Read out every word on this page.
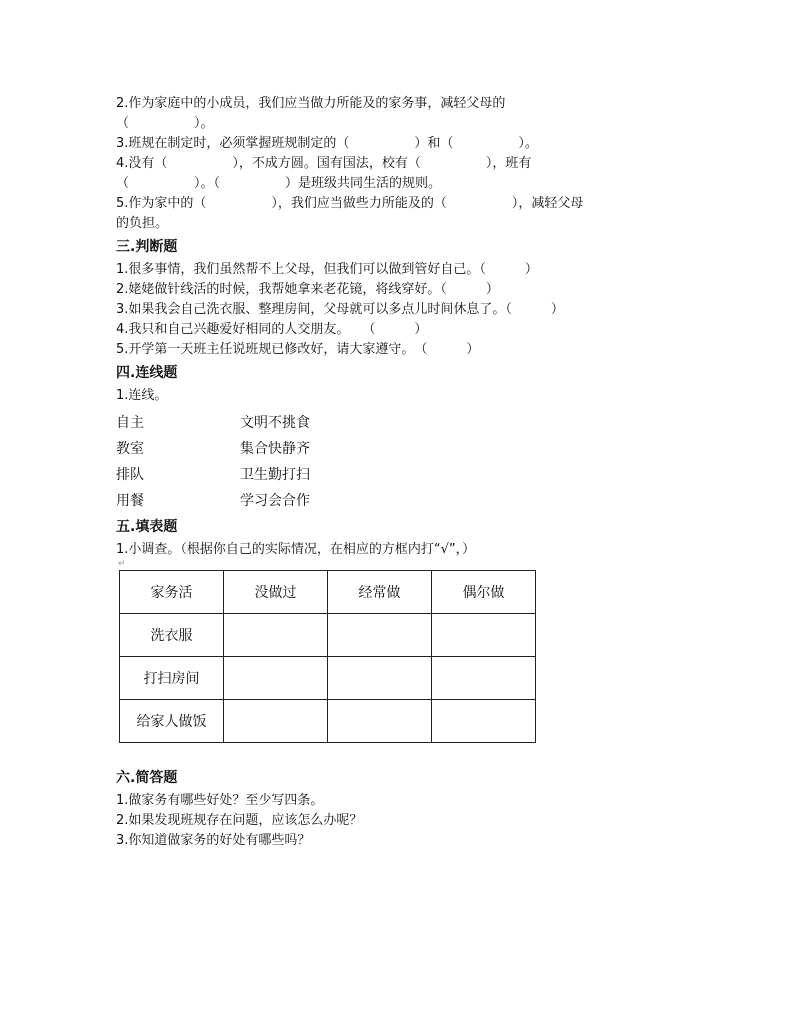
2.作为家庭中的小成员，我们应当做力所能及的家务事，减轻父母的
（　　　　　）。
3.班规在制定时，必须掌握班规制定的（　　　　　）和（　　　　　）。
4.没有（　　　　　），不成方圆。国有国法，校有（　　　　　），班有
（　　　　　）。（　　　　　）是班级共同生活的规则。
5.作为家中的（　　　　　），我们应当做些力所能及的（　　　　　），减轻父母
的负担。
三.判断题
1.很多事情，我们虽然帮不上父母，但我们可以做到管好自己。（　　　）
2.姥姥做针线活的时候，我帮她拿来老花镜，将线穿好。（　　　）
3.如果我会自己洗衣服、整理房间，父母就可以多点儿时间休息了。（　　　）
4.我只和自己兴趣爱好相同的人交朋友。　　（　　　）
5.开学第一天班主任说班规已修改好，请大家遵守。　（　　　）
四.连线题
1.连线。
自主	文明不挑食
教室	集合快静齐
排队	卫生勤打扫
用餐	学习会合作
五.填表题
1.小调查。（根据你自己的实际情况，在相应的方框内打“√”，）
↵
家务活	没做过	经常做	偶尔做
洗衣服			
打扫房间			
给家人做饭			
六.简答题
1.做家务有哪些好处？至少写四条。
2.如果发现班规存在问题，应该怎么办呢？
3.你知道做家务的好处有哪些吗？
